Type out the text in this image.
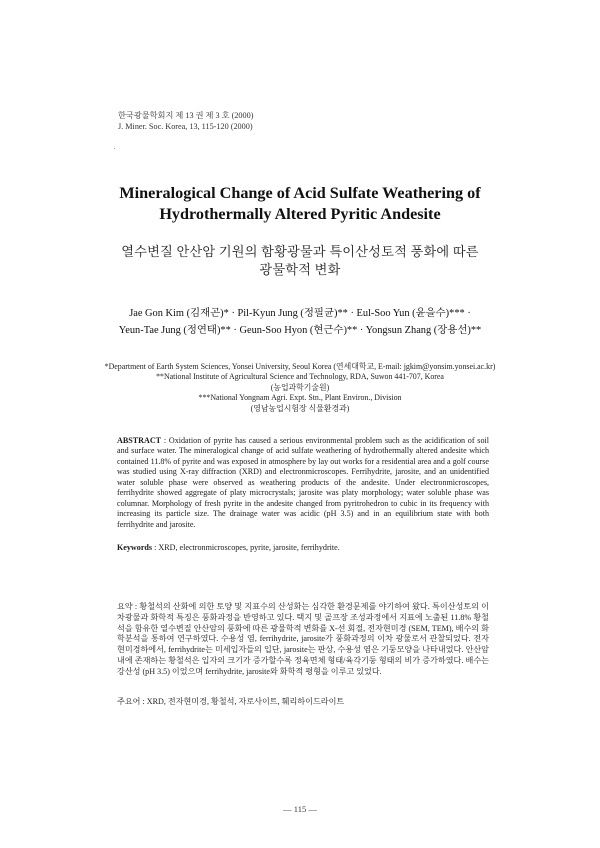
한국광물학회지 제 13 권 제 3 호 (2000)
J. Miner. Soc. Korea, 13, 115-120 (2000)
Mineralogical Change of Acid Sulfate Weathering of
Hydrothermally Altered Pyritic Andesite
열수변질 안산암 기원의 함황광물과 특이산성토적 풍화에 따른
광물학적 변화
Jae Gon Kim (김재곤)* · Pil-Kyun Jung (정필균)** · Eul-Soo Yun (윤을수)*** ·
Yeun-Tae Jung (정연태)** · Geun-Soo Hyon (현근수)** · Yongsun Zhang (장용선)**
*Department of Earth System Sciences, Yonsei University, Seoul Korea (연세대학교, E-mail: jgkim@yonsim.yonsei.ac.kr)
**National Institute of Agricultural Science and Technology, RDA, Suwon 441-707, Korea
(농업과학기술원)
***National Yongnam Agri. Expt. Stn., Plant Environ., Division
(영남농업시험장 식물환경과)
ABSTRACT : Oxidation of pyrite has caused a serious environmental problem such as the acidification of soil and surface water. The mineralogical change of acid sulfate weathering of hydrothermally altered andesite which contained 11.8% of pyrite and was exposed in atmosphere by lay out works for a residential area and a golf course was studied using X-ray diffraction (XRD) and electronmicroscopes. Ferrihydrite, jarosite, and an unidentified water soluble phase were observed as weathering products of the andesite. Under electronmicroscopes, ferrihydrite showed aggregate of platy microcrystals; jarosite was platy morphology; water soluble phase was columnar. Morphology of fresh pyrite in the andesite changed from pyritrohedron to cubic in its frequency with increasing its particle size. The drainage water was acidic (pH 3.5) and in an equilibrium state with both ferrihydrite and jarosite.
Keywords : XRD, electronmicroscopes, pyrite, jarosite, ferrihydrite.
요약 : 황철석의 산화에 의한 토양 및 지표수의 산성화는 심각한 환경문제를 야기하여 왔다. 특이산성토의 이차광물과 화학적 특징은 풍화과정을 반영하고 있다. 택지 및 골프장 조성과정에서 지표에 노출된 11.8% 황철석을 함유한 열수변질 안산암의 풍화에 따른 광물학적 변화를 X-선 회절, 전자현미경 (SEM, TEM), 배수의 화학분석을 통하여 연구하였다. 수용성 염, ferrihydrite, jarosite가 풍화과정의 이차 광물로서 관찰되었다. 전자현미경하에서, ferrihydrite는 미세입자들의 입단, jarosite는 판상, 수용성 염은 기둥모양을 나타내었다. 안산암 내에 존재하는 황철석은 입자의 크기가 증가할수록 정육면체 형태/육각기둥 형태의 비가 증가하였다. 배수는 강산성 (pH 3.5) 이었으며 ferrihydrite, jarosite와 화학적 평형을 이루고 있었다.
주요어 : XRD, 전자현미경, 황철석, 자로사이트, 훼리하이드라이트
— 115 —
